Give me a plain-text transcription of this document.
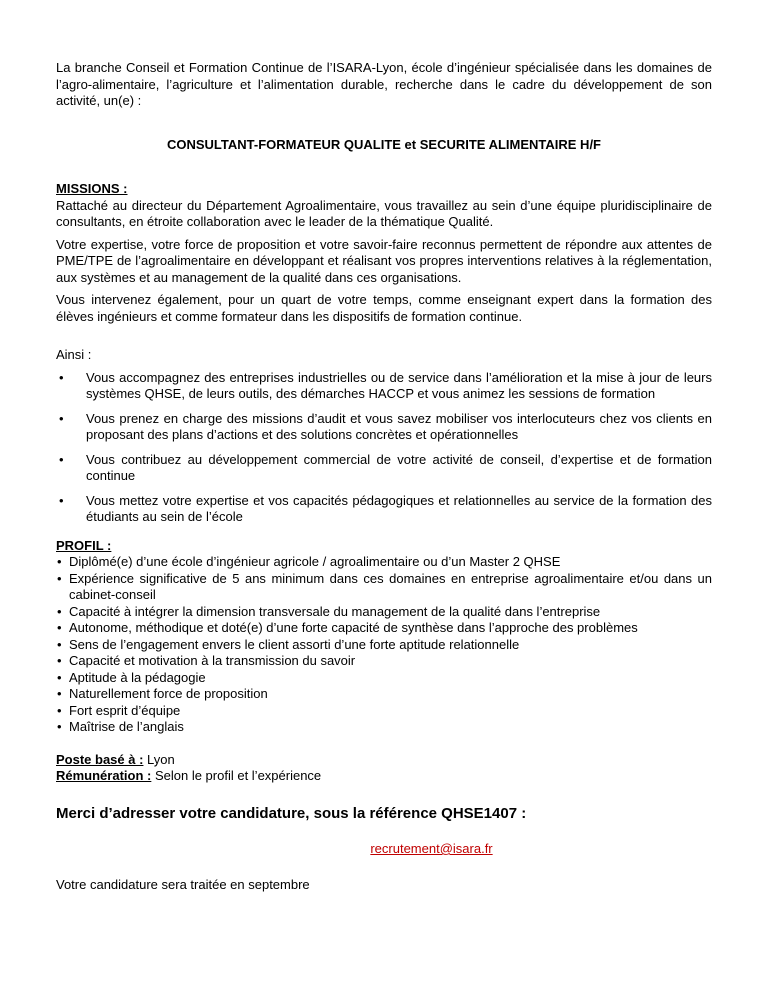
La branche Conseil et Formation Continue de l’ISARA-Lyon, école d’ingénieur spécialisée dans les domaines de l’agro-alimentaire, l’agriculture et l’alimentation durable, recherche dans le cadre du développement de son activité, un(e) :

CONSULTANT-FORMATEUR QUALITE et SECURITE ALIMENTAIRE H/F

MISSIONS :

Rattaché au directeur du Département Agroalimentaire, vous travaillez au sein d’une équipe pluridisciplinaire de consultants, en étroite collaboration avec le leader de la thématique Qualité.

Votre expertise, votre force de proposition et votre savoir-faire reconnus permettent de répondre aux attentes de PME/TPE de l’agroalimentaire en développant et réalisant vos propres interventions relatives à la réglementation, aux systèmes et au management de la qualité dans ces organisations.

Vous intervenez également, pour un quart de votre temps, comme enseignant expert dans la formation des élèves ingénieurs et comme formateur dans les dispositifs de formation continue.

Ainsi :

• Vous accompagnez des entreprises industrielles ou de service dans l’amélioration et la mise à jour de leurs systèmes QHSE, de leurs outils, des démarches HACCP et vous animez les sessions de formation
• Vous prenez en charge des missions d’audit et vous savez mobiliser vos interlocuteurs chez vos clients en proposant des plans d’actions et des solutions concrètes et opérationnelles
• Vous contribuez au développement commercial de votre activité de conseil, d’expertise et de formation continue
• Vous mettez votre expertise et vos capacités pédagogiques et relationnelles au service de la formation des étudiants au sein de l’école

PROFIL :

• Diplômé(e) d’une école d’ingénieur agricole / agroalimentaire ou d’un Master 2 QHSE
• Expérience significative de 5 ans minimum dans ces domaines en entreprise agroalimentaire et/ou dans un cabinet-conseil
• Capacité à intégrer la dimension transversale du management de la qualité dans l’entreprise
• Autonome, méthodique et doté(e) d’une forte capacité de synthèse dans l’approche des problèmes
• Sens de l’engagement envers le client assorti d’une forte aptitude relationnelle
• Capacité et motivation à la transmission du savoir
• Aptitude à la pédagogie
• Naturellement force de proposition
• Fort esprit d’équipe
• Maîtrise de l’anglais

Poste basé à : Lyon

Rémunération : Selon le profil et l’expérience

Merci d’adresser votre candidature, sous la référence QHSE1407 :

recrutement@isara.fr

Votre candidature sera traitée en septembre
